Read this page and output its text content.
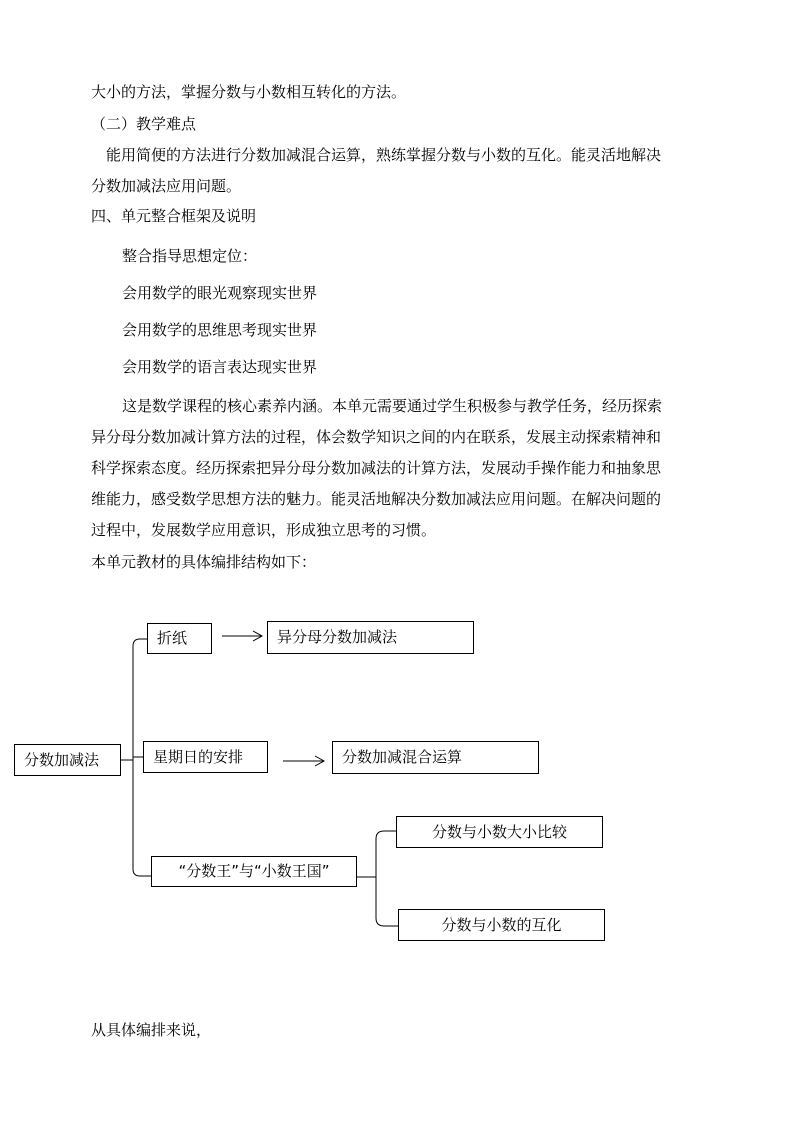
大小的方法，掌握分数与小数相互转化的方法。
（二）教学难点
能用简便的方法进行分数加减混合运算，熟练掌握分数与小数的互化。能灵活地解决
分数加减法应用问题。
四、单元整合框架及说明
整合指导思想定位：
会用数学的眼光观察现实世界
会用数学的思维思考现实世界
会用数学的语言表达现实世界
这是数学课程的核心素养内涵。本单元需要通过学生积极参与教学任务，经历探索
异分母分数加减计算方法的过程，体会数学知识之间的内在联系，发展主动探索精神和
科学探索态度。经历探索把异分母分数加减法的计算方法，发展动手操作能力和抽象思
维能力，感受数学思想方法的魅力。能灵活地解决分数加减法应用问题。在解决问题的
过程中，发展数学应用意识，形成独立思考的习惯。
本单元教材的具体编排结构如下：
分数加减法
折纸	异分母分数加减法
星期日的安排	分数加减混合运算
“分数王”与“小数王国”
分数与小数大小比较
分数与小数的互化
从具体编排来说，
